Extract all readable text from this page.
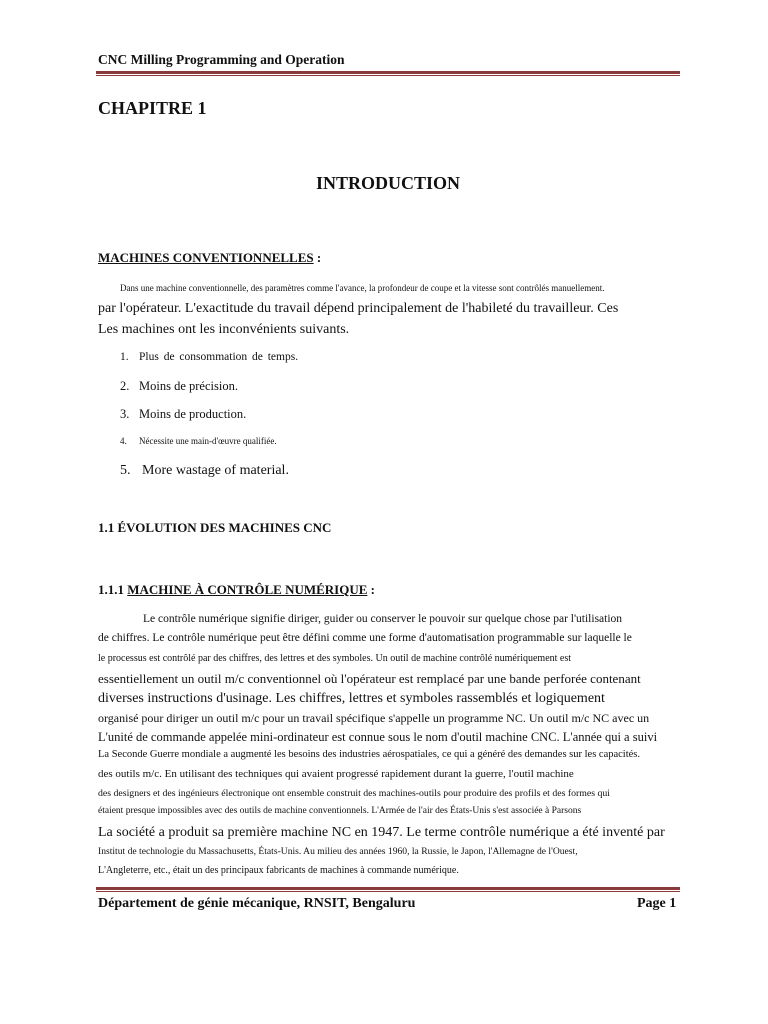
CNC Milling Programming and Operation
CHAPITRE 1
INTRODUCTION
MACHINES CONVENTIONNELLES :
Dans une machine conventionnelle, des paramètres comme l'avance, la profondeur de coupe et la vitesse sont contrôlés manuellement.
par l'opérateur. L'exactitude du travail dépend principalement de l'habileté du travailleur. Ces
Les machines ont les inconvénients suivants.
1. Plus de consommation de temps.
2. Moins de précision.
3. Moins de production.
4. Nécessite une main-d'œuvre qualifiée.
5. More wastage of material.
1.1 ÉVOLUTION DES MACHINES CNC
1.1.1 MACHINE À CONTRÔLE NUMÉRIQUE :
Le contrôle numérique signifie diriger, guider ou conserver le pouvoir sur quelque chose par l'utilisation
de chiffres. Le contrôle numérique peut être défini comme une forme d'automatisation programmable sur laquelle le
le processus est contrôlé par des chiffres, des lettres et des symboles. Un outil de machine contrôlé numériquement est
essentiellement un outil m/c conventionnel où l'opérateur est remplacé par une bande perforée contenant
diverses instructions d'usinage. Les chiffres, lettres et symboles rassemblés et logiquement
organisé pour diriger un outil m/c pour un travail spécifique s'appelle un programme NC. Un outil m/c NC avec un
L'unité de commande appelée mini-ordinateur est connue sous le nom d'outil machine CNC. L'année qui a suivi
La Seconde Guerre mondiale a augmenté les besoins des industries aérospatiales, ce qui a généré des demandes sur les capacités.
des outils m/c. En utilisant des techniques qui avaient progressé rapidement durant la guerre, l'outil machine
des designers et des ingénieurs électronique ont ensemble construit des machines-outils pour produire des profils et des formes qui
étaient presque impossibles avec des outils de machine conventionnels. L'Armée de l'air des États-Unis s'est associée à Parsons
La société a produit sa première machine NC en 1947. Le terme contrôle numérique a été inventé par
Institut de technologie du Massachusetts, États-Unis. Au milieu des années 1960, la Russie, le Japon, l'Allemagne de l'Ouest,
L'Angleterre, etc., était un des principaux fabricants de machines à commande numérique.
Département de génie mécanique, RNSIT, Bengaluru	Page 1
